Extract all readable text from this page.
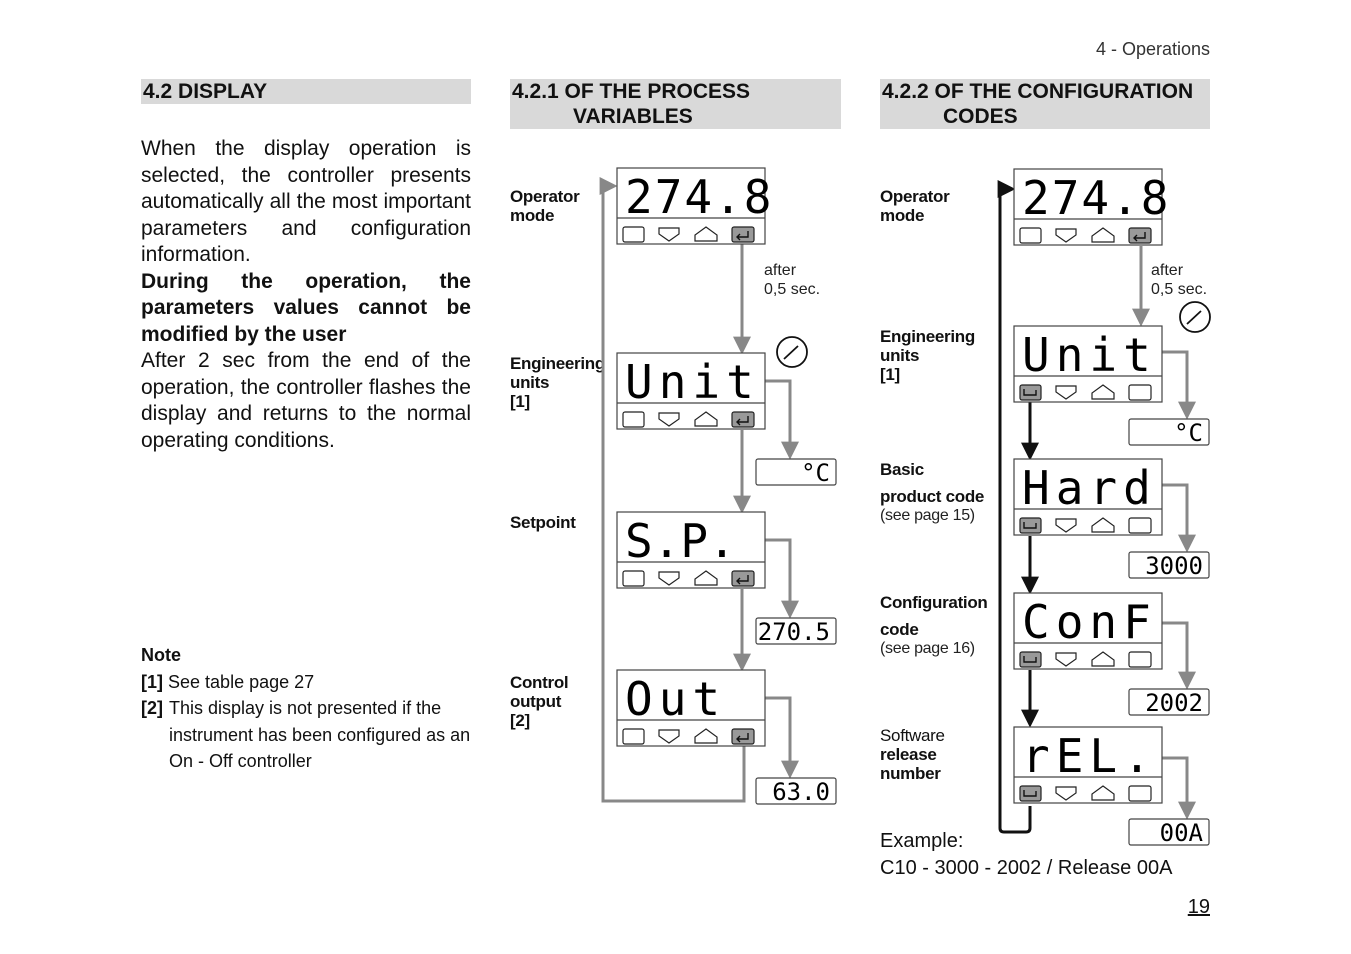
4 - Operations
4.2 DISPLAY
When the display operation is selected, the controller presents automatically all the most important parameters and configuration information.
During the operation, the parameters values cannot be modified by the user
After 2 sec from the end of the operation, the controller flashes the display and returns to the normal operating conditions.
Note
[1] See table page 27
[2] This display is not presented if the instrument has been configured as an On - Off controller
4.2.1 OF THE PROCESS
VARIABLES
Operator
mode
Engineering
units
[1]
Setpoint
Control
output
[2]
after
0,5 sec.
4.2.2 OF THE CONFIGURATION
CODES
Operator
mode
Engineering
units
[1]
Basic
product code
(see page 15)
Configuration
code
(see page 16)
Software
release
number
after
0,5 sec.
Example:
C10 - 3000 - 2002 / Release 00A
19
274.8
Unit
S.P.
Out
°C
270.5
63.0
274.8
Unit
Hard
ConF
rEL.
°C
3000
2002
00A
